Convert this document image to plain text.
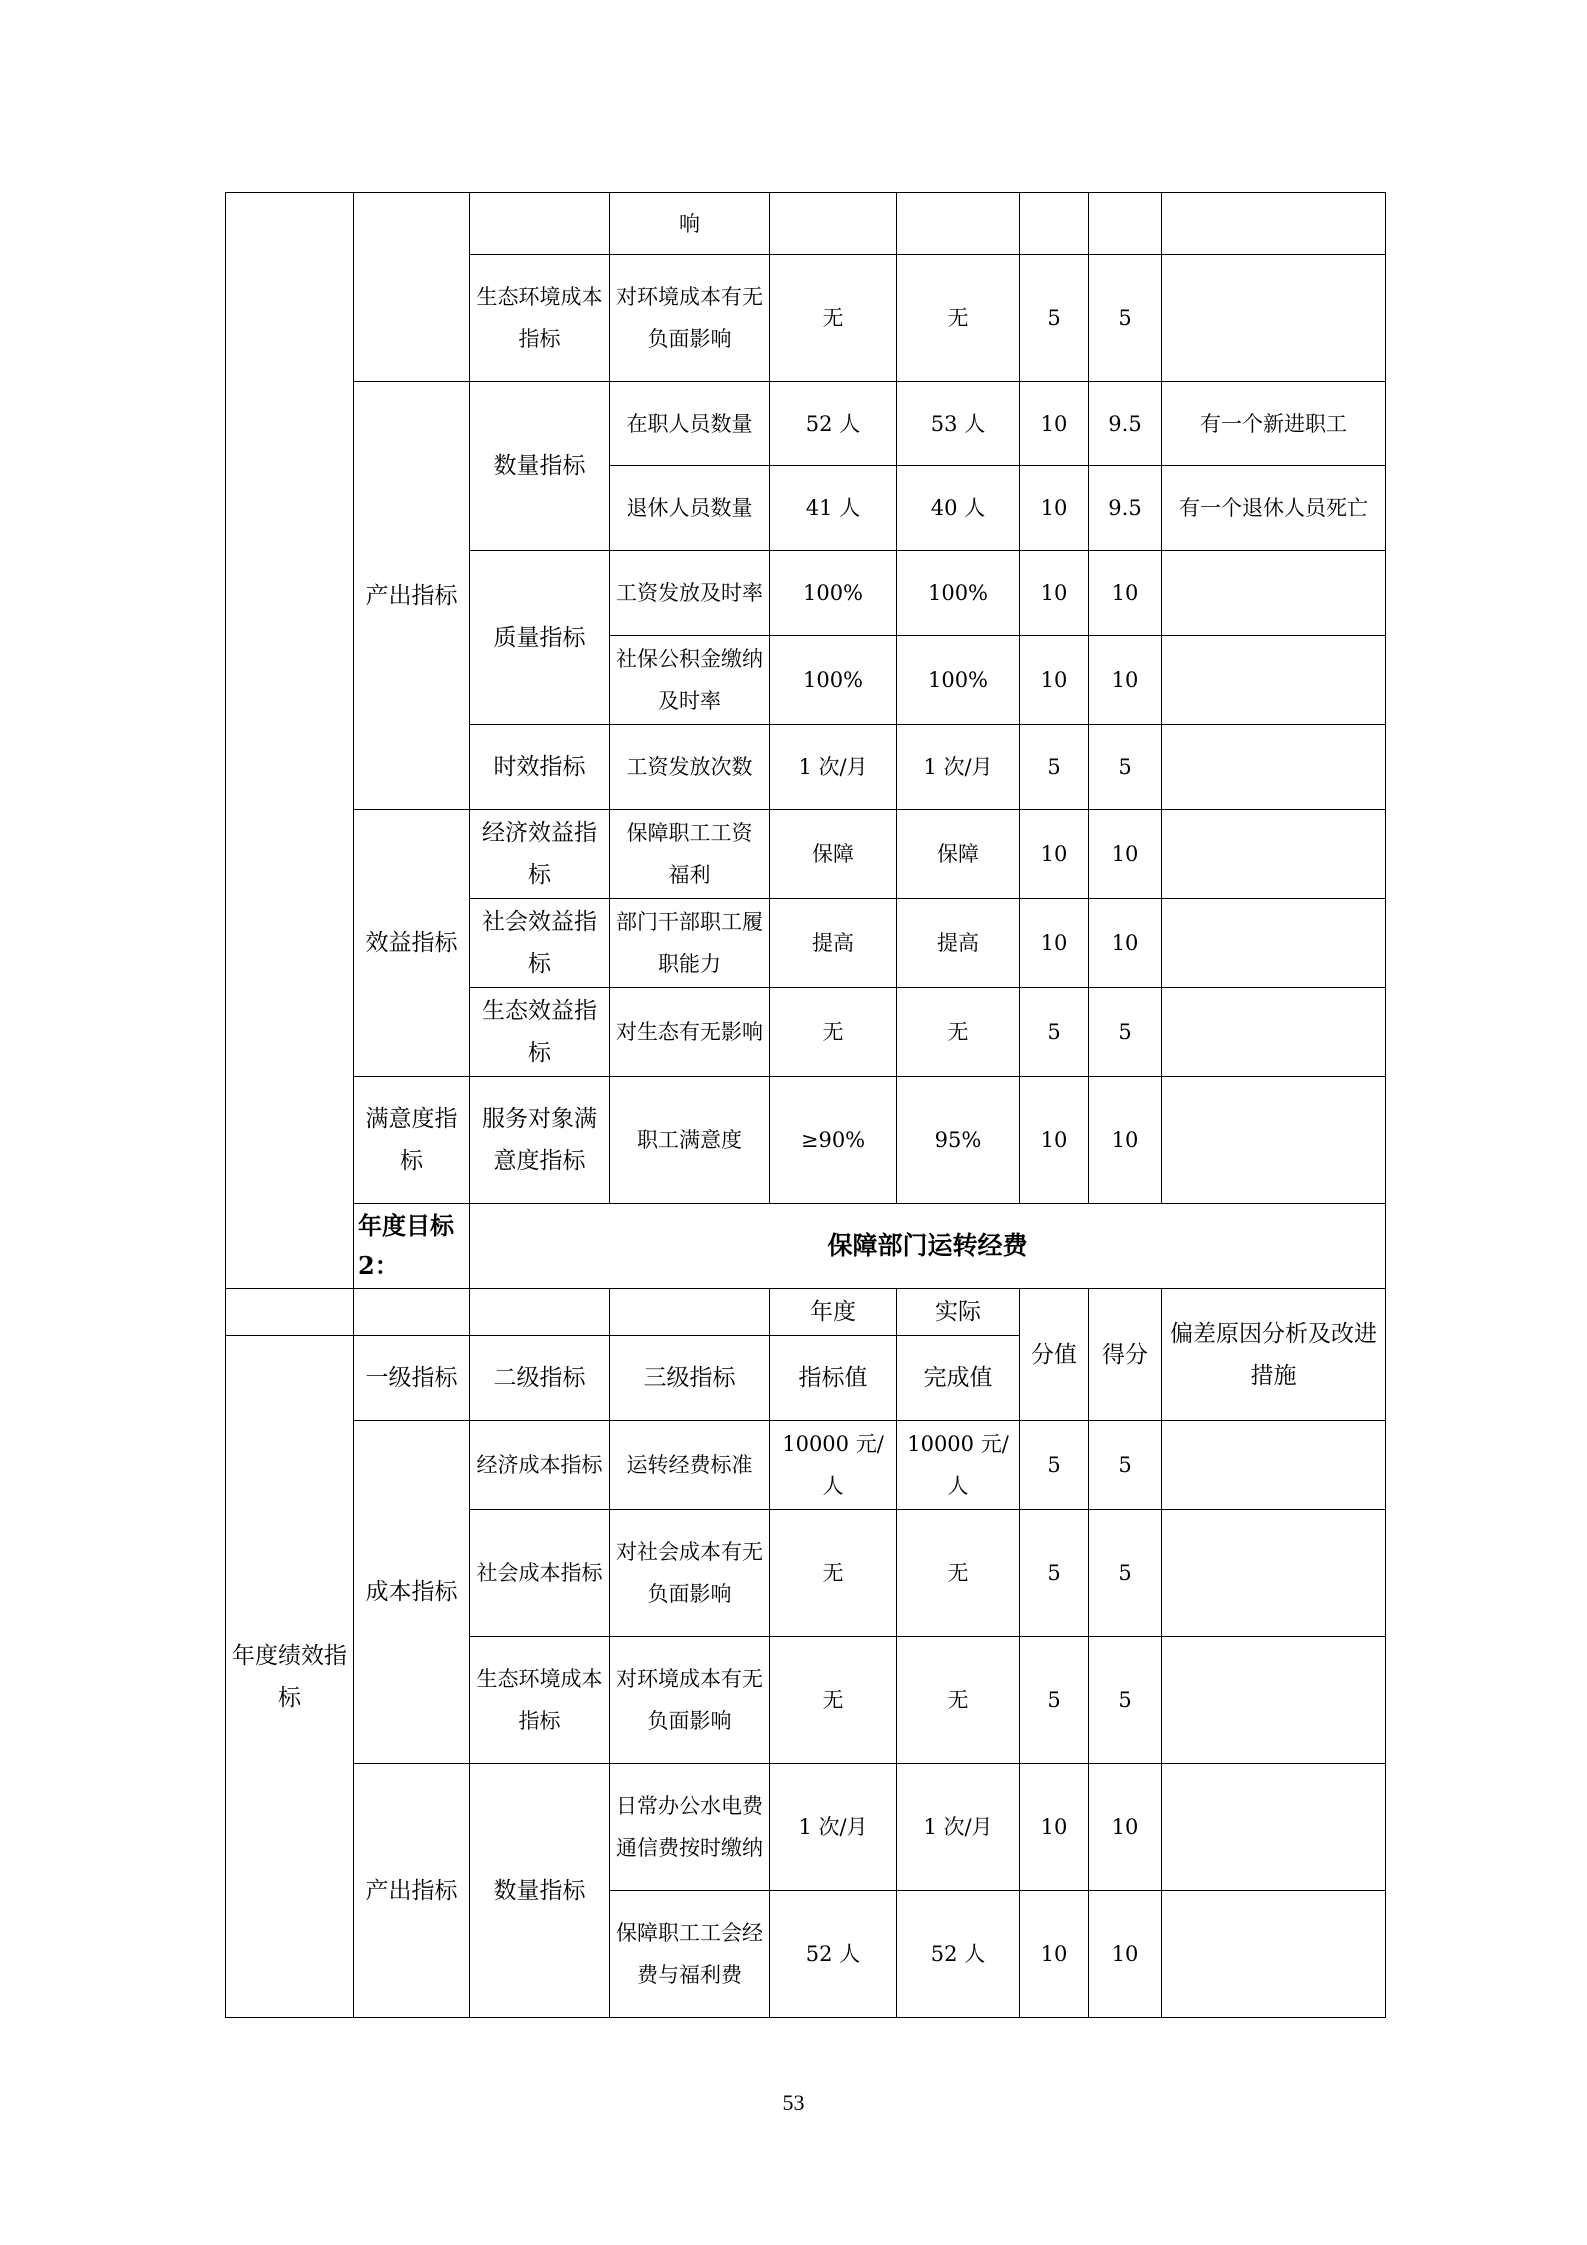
			响					
		生态环境成本指标	对环境成本有无负面影响	无	无	5	5	
	产出指标	数量指标	在职人员数量	52 人	53 人	10	9.5	有一个新进职工
			退休人员数量	41 人	40 人	10	9.5	有一个退休人员死亡
		质量指标	工资发放及时率	100%	100%	10	10	
			社保公积金缴纳及时率	100%	100%	10	10	
		时效指标	工资发放次数	1 次/月	1 次/月	5	5	
	效益指标	经济效益指标	保障职工工资 福利	保障	保障	10	10	
		社会效益指标	部门干部职工履职能力	提高	提高	10	10	
		生态效益指标	对生态有无影响	无	无	5	5	
	满意度指标	服务对象满意度指标	职工满意度	≥90%	95%	10	10	
	年度目标 2：	保障部门运转经费						
				年度	实际	分值	得分	偏差原因分析及改进措施
年度绩效指标	一级指标	二级指标	三级指标	指标值	完成值			
	成本指标	经济成本指标	运转经费标准	10000 元/人	10000 元/人	5	5	
		社会成本指标	对社会成本有无负面影响	无	无	5	5	
		生态环境成本指标	对环境成本有无负面影响	无	无	5	5	
	产出指标	数量指标	日常办公水电费通信费按时缴纳	1 次/月	1 次/月	10	10	
			保障职工工会经费与福利费	52 人	52 人	10	10	
53
